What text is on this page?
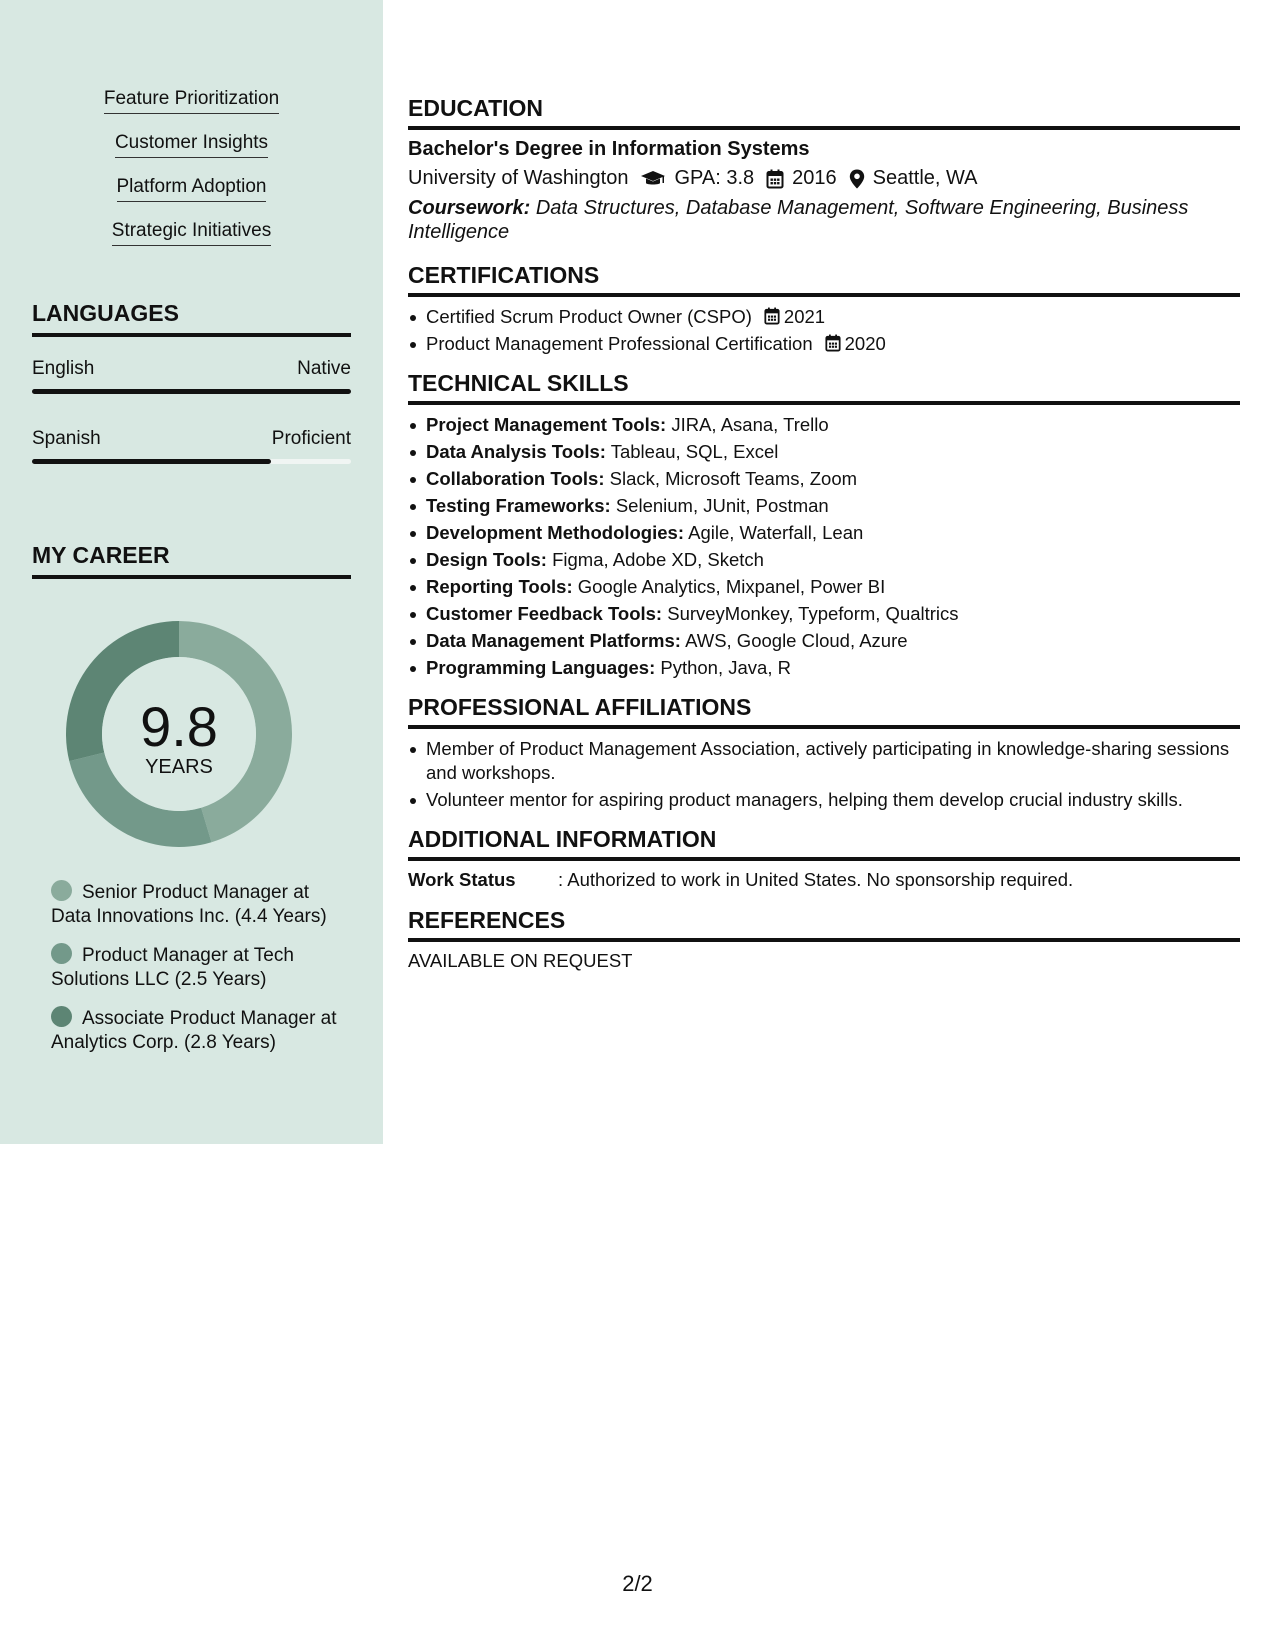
Feature Prioritization
Customer Insights
Platform Adoption
Strategic Initiatives
LANGUAGES
English	Native
Spanish	Proficient
MY CAREER
9.8
YEARS
Senior Product Manager at Data Innovations Inc. (4.4 Years)
Product Manager at Tech Solutions LLC (2.5 Years)
Associate Product Manager at Analytics Corp. (2.8 Years)
EDUCATION
Bachelor's Degree in Information Systems
University of Washington GPA: 3.8 2016 Seattle, WA
Coursework: Data Structures, Database Management, Software Engineering, Business Intelligence
CERTIFICATIONS
Certified Scrum Product Owner (CSPO) 2021
Product Management Professional Certification 2020
TECHNICAL SKILLS
Project Management Tools: JIRA, Asana, Trello
Data Analysis Tools: Tableau, SQL, Excel
Collaboration Tools: Slack, Microsoft Teams, Zoom
Testing Frameworks: Selenium, JUnit, Postman
Development Methodologies: Agile, Waterfall, Lean
Design Tools: Figma, Adobe XD, Sketch
Reporting Tools: Google Analytics, Mixpanel, Power BI
Customer Feedback Tools: SurveyMonkey, Typeform, Qualtrics
Data Management Platforms: AWS, Google Cloud, Azure
Programming Languages: Python, Java, R
PROFESSIONAL AFFILIATIONS
Member of Product Management Association, actively participating in knowledge-sharing sessions and workshops.
Volunteer mentor for aspiring product managers, helping them develop crucial industry skills.
ADDITIONAL INFORMATION
Work Status	: Authorized to work in United States. No sponsorship required.
REFERENCES
AVAILABLE ON REQUEST
2/2
